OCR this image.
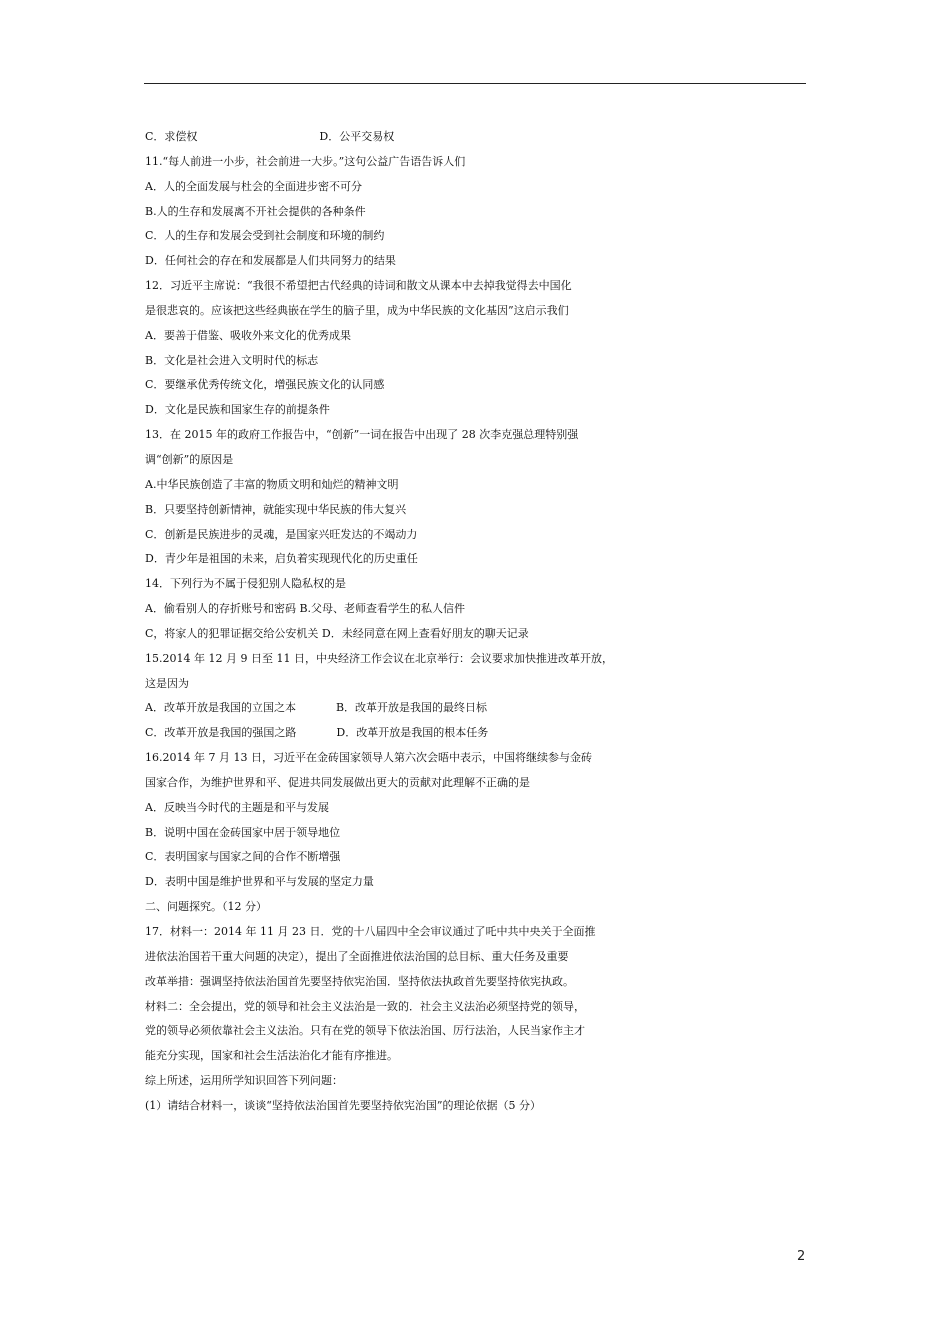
C．求偿权	D．公平交易权
11.“每人前进一小步，社会前进一大步。”这句公益广告语告诉人们
A．人的全面发展与杜会的全面进步密不可分
B.人的生存和发展离不开社会提供的各种条件
C．人的生存和发展会受到社会制度和环境的制约
D．任何社会的存在和发展都是人们共同努力的结果
12．习近平主席说：“我很不希望把古代经典的诗词和散文从课本中去掉我觉得去中国化
是很悲哀的。应该把这些经典嵌在学生的脑子里，成为中华民族的文化基因”这启示我们
A．要善于借鉴、吸收外来文化的优秀成果
B．文化是社会进入文明时代的标志
C．要继承优秀传统文化，增强民族文化的认同感
D．文化是民族和国家生存的前提条件
13．在 2015 年的政府工作报告中，“创新”一词在报告中出现了 28 次李克强总理特别强
调“创新”的原因是
A.中华民族创造了丰富的物质文明和灿烂的精神文明
B．只要坚持创新情神，就能实现中华民族的伟大复兴
C．创新是民族进步的灵魂，是国家兴旺发达的不竭动力
D．青少年是祖国的未来，启负着实现现代化的历史重任
14．下列行为不属于侵犯别人隐私权的是
A．偷看别人的存折账号和密码 B.父母、老师查看学生的私人信件
C，将家人的犯罪证据交给公安机关 D．未经同意在网上查看好朋友的聊天记录
15.2014 年 12 月 9 日至 11 日，中央经济工作会议在北京举行：会议要求加快推进改革开放，
这是因为
A．改革开放是我国的立国之本	B．改革开放是我国的最终日标
C．改革开放是我国的强国之路	D．改革开放是我国的根本任务
16.2014 年 7 月 13 日，习近平在金砖国家领导人第六次会晤中表示，中国将继续参与金砖
国家合作，为维护世界和平、促进共同发展做出更大的贡献对此理解不正确的是
A．反映当今时代的主题是和平与发展
B．说明中国在金砖国家中居于领导地位
C．表明国家与国家之间的合作不断增强
D．表明中国是维护世界和平与发展的坚定力量
二、问题探究。（12 分）
17．材料一：2014 年 11 月 23 日．党的十八届四中全会审议通过了吒中共中央关于全面推
进依法治国若干重大问题的决定），提出了全面推进依法治国的总目标、重大任务及重要
改革举措：强调坚持依法治国首先要坚持依宪治国．坚持依法执政首先要坚持依宪执政。
材料二：全会提出，党的领导和社会主义法治是一致的．社会主义法治必须坚持党的领导，
党的领导必须依靠社会主义法治。只有在党的领导下依法治国、厉行法治，人民当家作主才
能充分实现，国家和社会生活法治化才能有序推进。
综上所述，运用所学知识回答下列问题：
(1）请结合材料一，谈谈“坚持依法治国首先要坚持依宪治国”的理论依据（5 分）
2
